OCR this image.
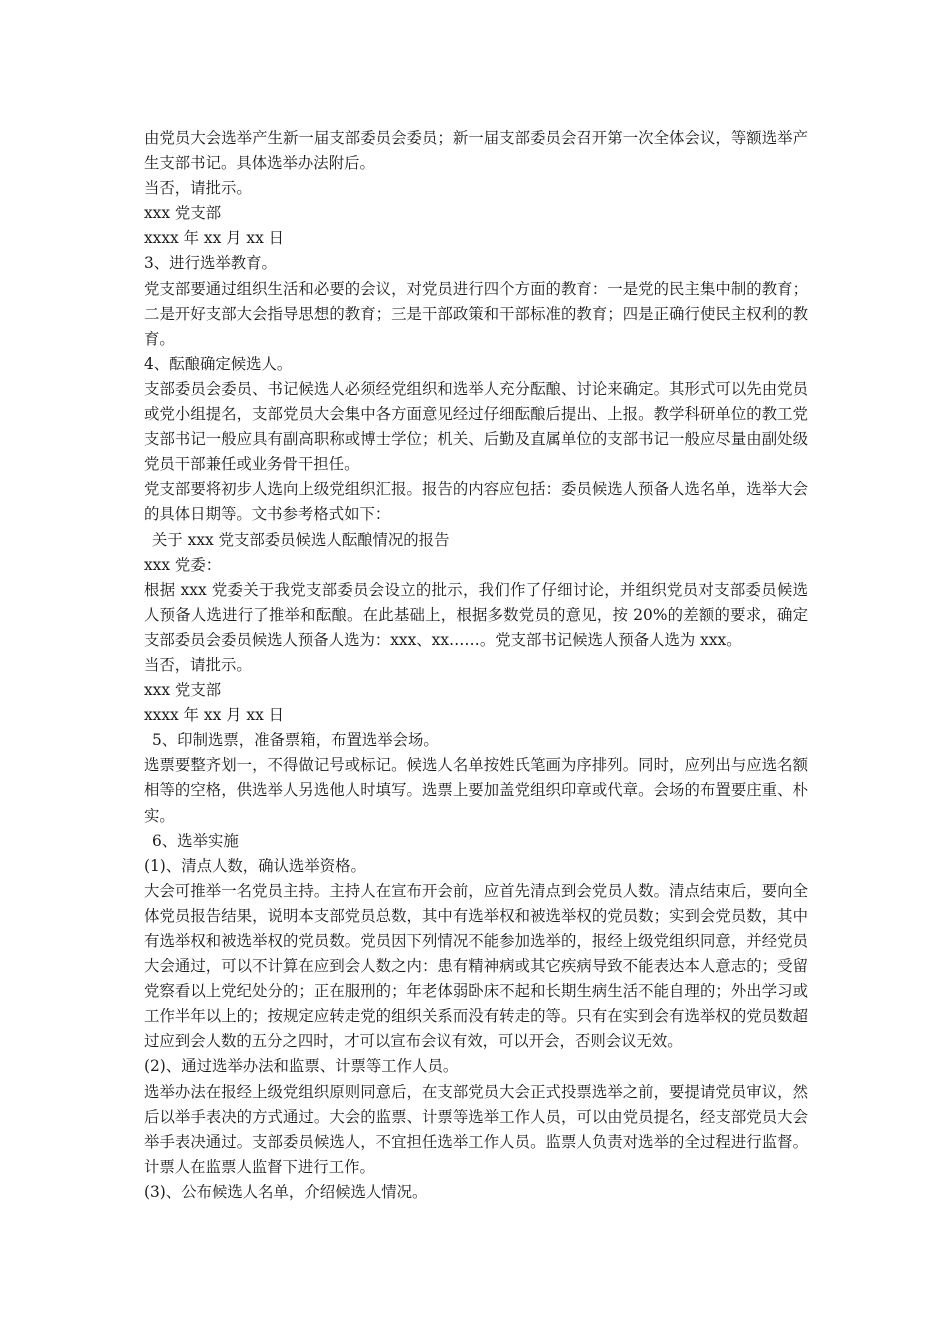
由党员大会选举产生新一届支部委员会委员；新一届支部委员会召开第一次全体会议，等额选举产生支部书记。具体选举办法附后。

当否，请批示。

xxx 党支部

xxxx 年 xx 月 xx 日

3、进行选举教育。

党支部要通过组织生活和必要的会议，对党员进行四个方面的教育：一是党的民主集中制的教育；二是开好支部大会指导思想的教育；三是干部政策和干部标准的教育；四是正确行使民主权利的教育。

4、酝酿确定候选人。

支部委员会委员、书记候选人必须经党组织和选举人充分酝酿、讨论来确定。其形式可以先由党员或党小组提名，支部党员大会集中各方面意见经过仔细酝酿后提出、上报。教学科研单位的教工党支部书记一般应具有副高职称或博士学位；机关、后勤及直属单位的支部书记一般应尽量由副处级党员干部兼任或业务骨干担任。

党支部要将初步人选向上级党组织汇报。报告的内容应包括：委员候选人预备人选名单，选举大会的具体日期等。文书参考格式如下：

关于 xxx 党支部委员候选人酝酿情况的报告

xxx 党委：

根据 xxx 党委关于我党支部委员会设立的批示，我们作了仔细讨论，并组织党员对支部委员候选人预备人选进行了推举和酝酿。在此基础上，根据多数党员的意见，按 20%的差额的要求，确定支部委员会委员候选人预备人选为：xxx、xx……。党支部书记候选人预备人选为 xxx。

当否，请批示。

xxx 党支部

xxxx 年 xx 月 xx 日

5、印制选票，准备票箱，布置选举会场。

选票要整齐划一，不得做记号或标记。候选人名单按姓氏笔画为序排列。同时，应列出与应选名额相等的空格，供选举人另选他人时填写。选票上要加盖党组织印章或代章。会场的布置要庄重、朴实。

6、选举实施

(1)、清点人数，确认选举资格。

大会可推举一名党员主持。主持人在宣布开会前，应首先清点到会党员人数。清点结束后，要向全体党员报告结果，说明本支部党员总数，其中有选举权和被选举权的党员数；实到会党员数，其中有选举权和被选举权的党员数。党员因下列情况不能参加选举的，报经上级党组织同意，并经党员大会通过，可以不计算在应到会人数之内：患有精神病或其它疾病导致不能表达本人意志的；受留党察看以上党纪处分的；正在服刑的；年老体弱卧床不起和长期生病生活不能自理的；外出学习或工作半年以上的；按规定应转走党的组织关系而没有转走的等。只有在实到会有选举权的党员数超过应到会人数的五分之四时，才可以宣布会议有效，可以开会，否则会议无效。

(2)、通过选举办法和监票、计票等工作人员。

选举办法在报经上级党组织原则同意后，在支部党员大会正式投票选举之前，要提请党员审议，然后以举手表决的方式通过。大会的监票、计票等选举工作人员，可以由党员提名，经支部党员大会举手表决通过。支部委员候选人，不宜担任选举工作人员。监票人负责对选举的全过程进行监督。计票人在监票人监督下进行工作。

(3)、公布候选人名单，介绍候选人情况。
